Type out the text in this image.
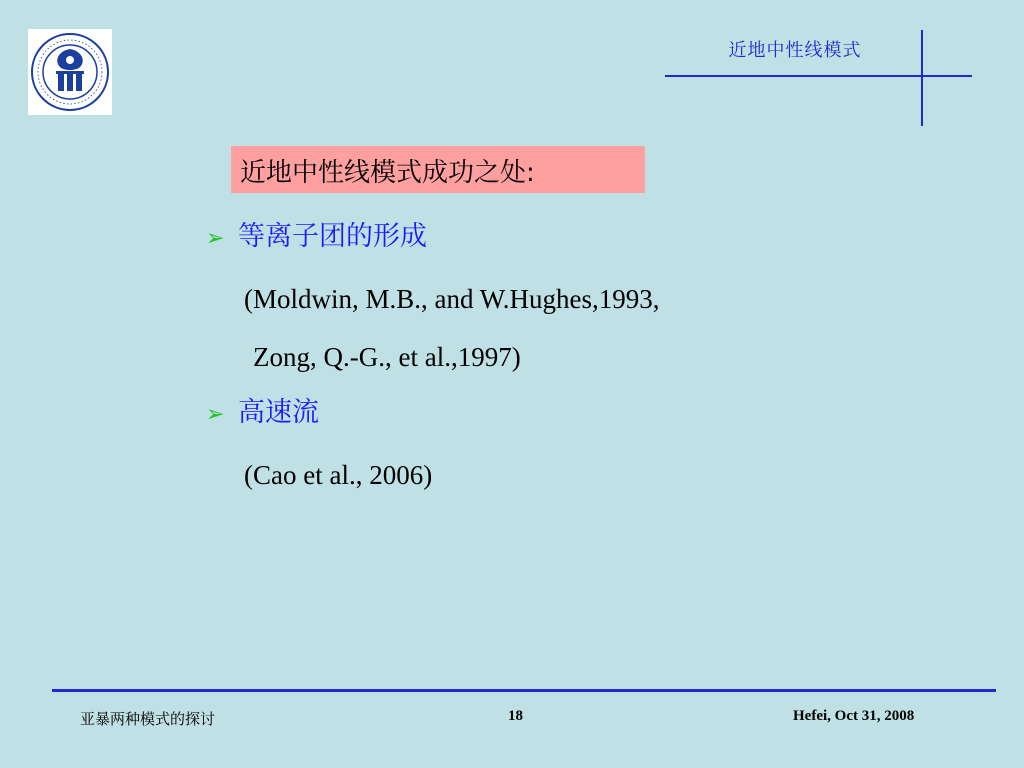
近地中性线模式
近地中性线模式成功之处:
➢ 等离子团的形成
(Moldwin, M.B., and W.Hughes,1993,
Zong, Q.-G., et al.,1997)
➢ 高速流
(Cao et al., 2006)
亚暴两种模式的探讨	18	Hefei, Oct 31, 2008
